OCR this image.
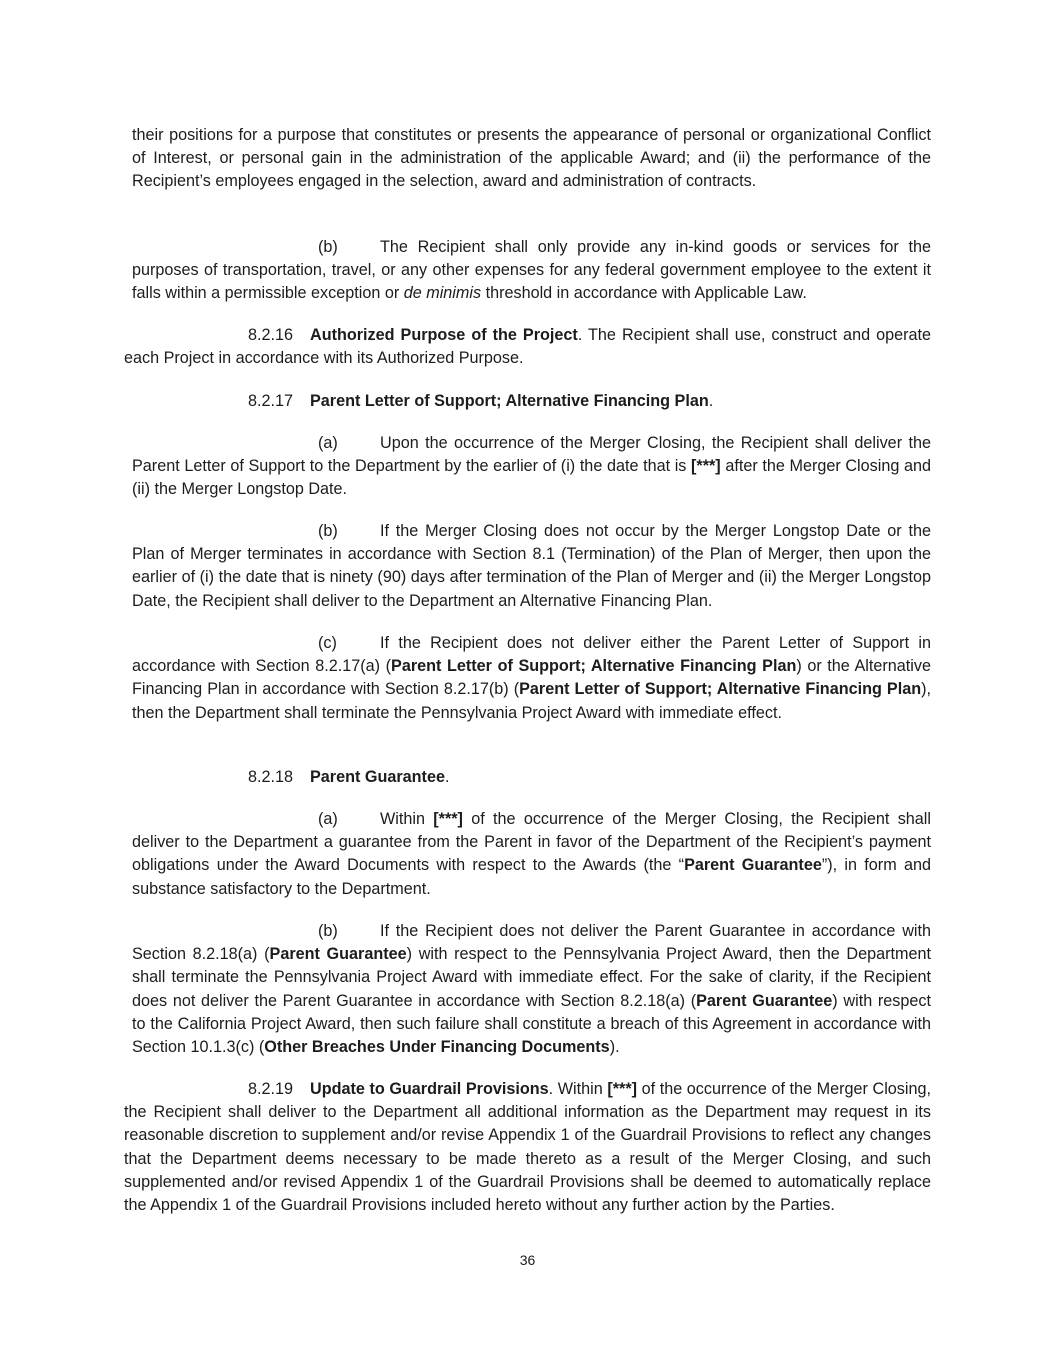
their positions for a purpose that constitutes or presents the appearance of personal or organizational Conflict of Interest, or personal gain in the administration of the applicable Award; and (ii) the performance of the Recipient’s employees engaged in the selection, award and administration of contracts.

(b)	The Recipient shall only provide any in-kind goods or services for the purposes of transportation, travel, or any other expenses for any federal government employee to the extent it falls within a permissible exception or de minimis threshold in accordance with Applicable Law.

8.2.16 Authorized Purpose of the Project. The Recipient shall use, construct and operate each Project in accordance with its Authorized Purpose.

8.2.17 Parent Letter of Support; Alternative Financing Plan.

(a)	Upon the occurrence of the Merger Closing, the Recipient shall deliver the Parent Letter of Support to the Department by the earlier of (i) the date that is [***] after the Merger Closing and (ii) the Merger Longstop Date.

(b)	If the Merger Closing does not occur by the Merger Longstop Date or the Plan of Merger terminates in accordance with Section 8.1 (Termination) of the Plan of Merger, then upon the earlier of (i) the date that is ninety (90) days after termination of the Plan of Merger and (ii) the Merger Longstop Date, the Recipient shall deliver to the Department an Alternative Financing Plan.

(c)	If the Recipient does not deliver either the Parent Letter of Support in accordance with Section 8.2.17(a) (Parent Letter of Support; Alternative Financing Plan) or the Alternative Financing Plan in accordance with Section 8.2.17(b) (Parent Letter of Support; Alternative Financing Plan), then the Department shall terminate the Pennsylvania Project Award with immediate effect.

8.2.18 Parent Guarantee.

(a)	Within [***] of the occurrence of the Merger Closing, the Recipient shall deliver to the Department a guarantee from the Parent in favor of the Department of the Recipient’s payment obligations under the Award Documents with respect to the Awards (the “Parent Guarantee”), in form and substance satisfactory to the Department.

(b)	If the Recipient does not deliver the Parent Guarantee in accordance with Section 8.2.18(a) (Parent Guarantee) with respect to the Pennsylvania Project Award, then the Department shall terminate the Pennsylvania Project Award with immediate effect. For the sake of clarity, if the Recipient does not deliver the Parent Guarantee in accordance with Section 8.2.18(a) (Parent Guarantee) with respect to the California Project Award, then such failure shall constitute a breach of this Agreement in accordance with Section 10.1.3(c) (Other Breaches Under Financing Documents).

8.2.19 Update to Guardrail Provisions. Within [***] of the occurrence of the Merger Closing, the Recipient shall deliver to the Department all additional information as the Department may request in its reasonable discretion to supplement and/or revise Appendix 1 of the Guardrail Provisions to reflect any changes that the Department deems necessary to be made thereto as a result of the Merger Closing, and such supplemented and/or revised Appendix 1 of the Guardrail Provisions shall be deemed to automatically replace the Appendix 1 of the Guardrail Provisions included hereto without any further action by the Parties.

36
